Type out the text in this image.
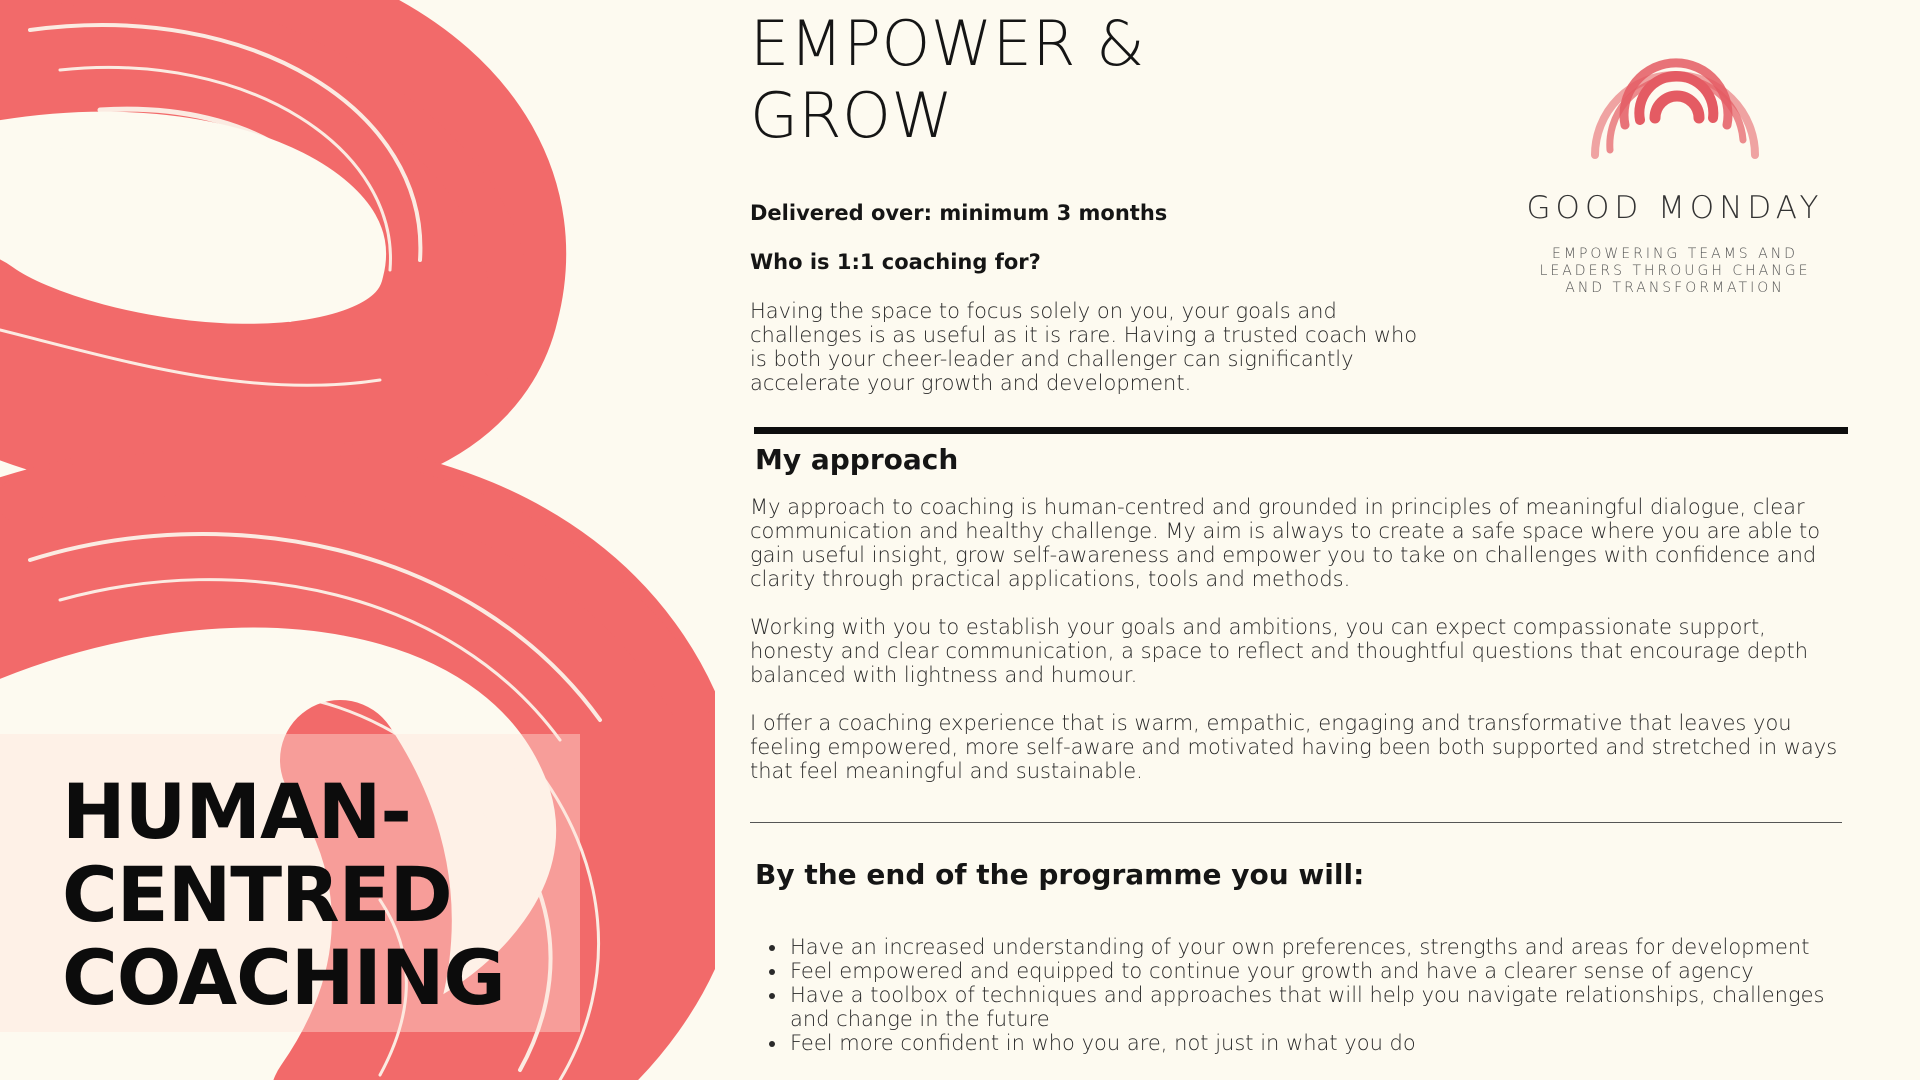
HUMAN-
CENTRED
COACHING
EMPOWER &
GROW

GOOD MONDAY

EMPOWERING TEAMS AND
LEADERS THROUGH CHANGE
AND TRANSFORMATION

Delivered over: minimum 3 months

Who is 1:1 coaching for?

Having the space to focus solely on you, your goals and challenges is as useful as it is rare. Having a trusted coach who is both your cheer-leader and challenger can significantly accelerate your growth and development.

My approach

My approach to coaching is human-centred and grounded in principles of meaningful dialogue, clear communication and healthy challenge. My aim is always to create a safe space where you are able to gain useful insight, grow self-awareness and empower you to take on challenges with confidence and clarity through practical applications, tools and methods.

Working with you to establish your goals and ambitions, you can expect compassionate support, honesty and clear communication, a space to reflect and thoughtful questions that encourage depth balanced with lightness and humour.

I offer a coaching experience that is warm, empathic, engaging and transformative that leaves you feeling empowered, more self-aware and motivated having been both supported and stretched in ways that feel meaningful and sustainable.

By the end of the programme you will:
• Have an increased understanding of your own preferences, strengths and areas for development
• Feel empowered and equipped to continue your growth and have a clearer sense of agency
• Have a toolbox of techniques and approaches that will help you navigate relationships, challenges and change in the future
• Feel more confident in who you are, not just in what you do
